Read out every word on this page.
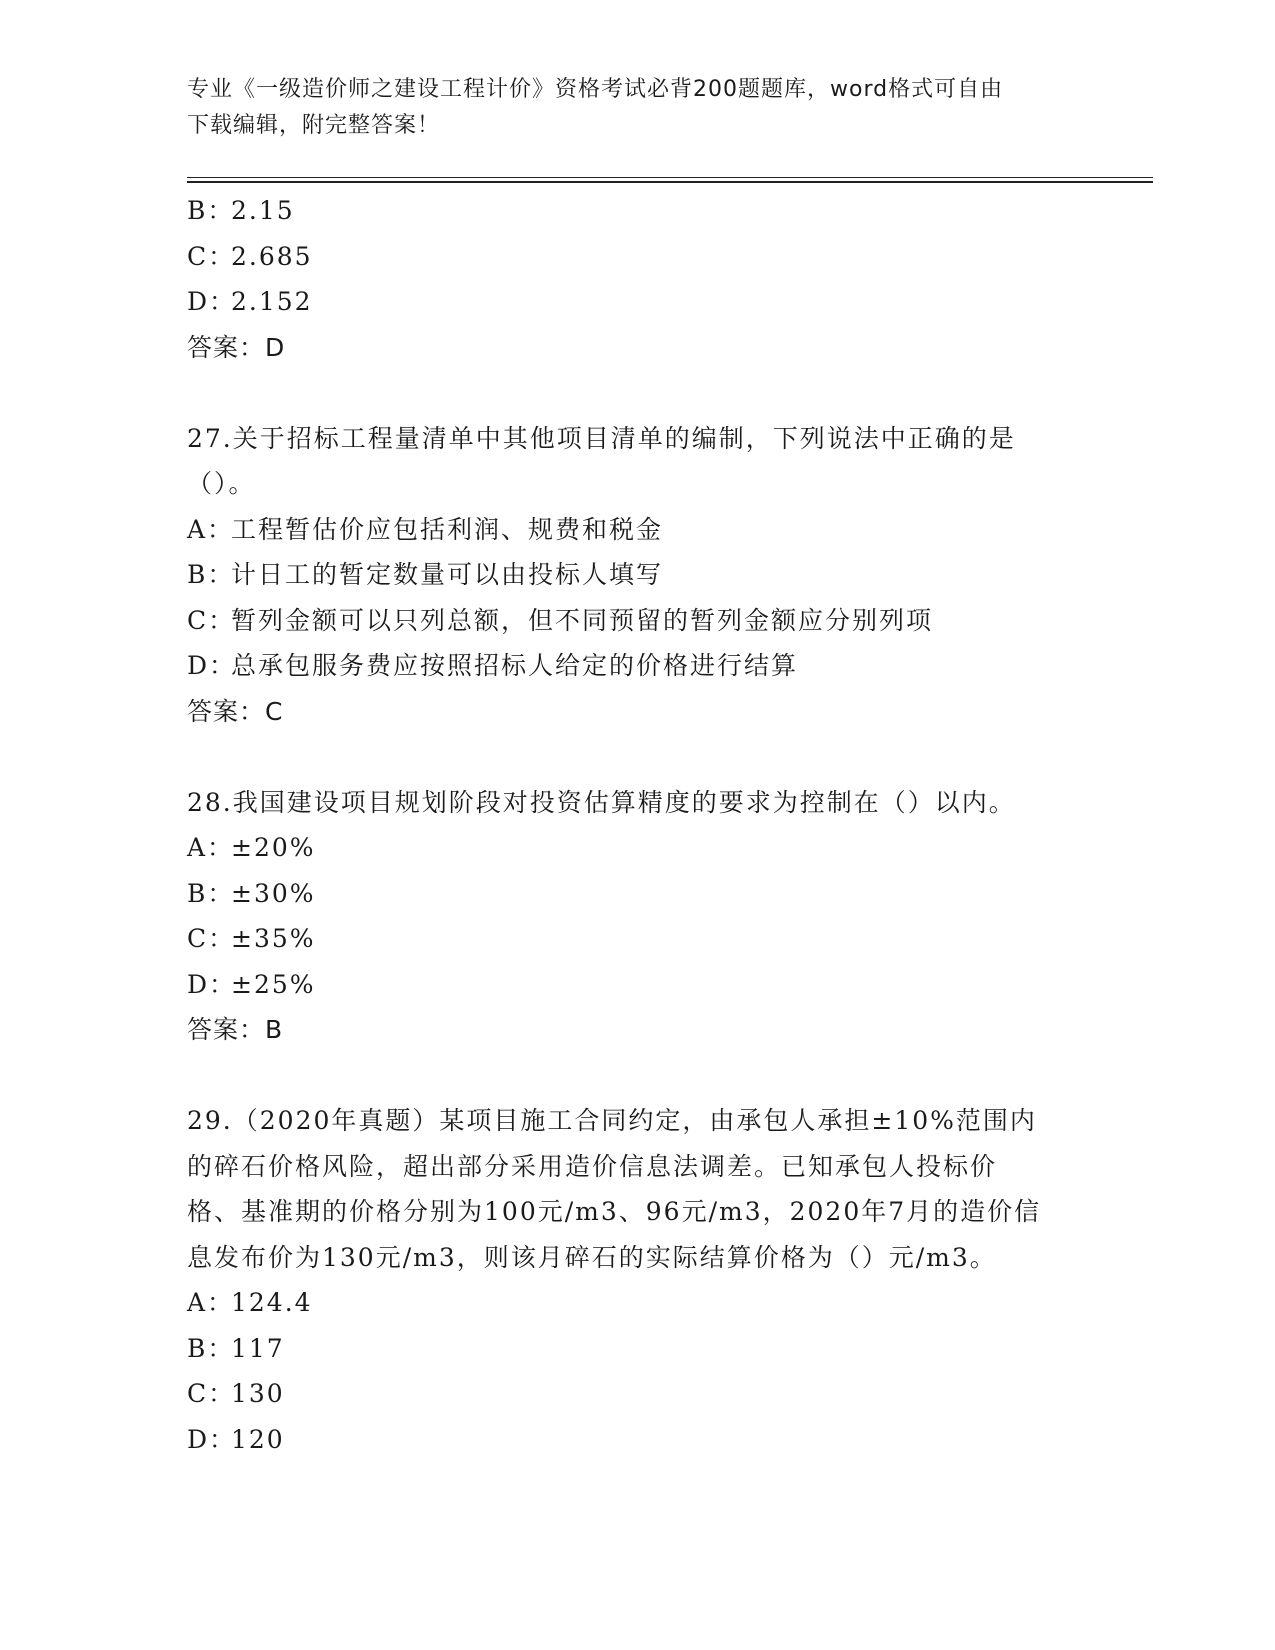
专业《一级造价师之建设工程计价》资格考试必背200题题库，word格式可自由
下载编辑，附完整答案！
B：2.15
C：2.685
D：2.152
答案：D
27.关于招标工程量清单中其他项目清单的编制，下列说法中正确的是
（）。
A：工程暂估价应包括利润、规费和税金
B：计日工的暂定数量可以由投标人填写
C：暂列金额可以只列总额，但不同预留的暂列金额应分别列项
D：总承包服务费应按照招标人给定的价格进行结算
答案：C
28.我国建设项目规划阶段对投资估算精度的要求为控制在（）以内。
A：±20%
B：±30%
C：±35%
D：±25%
答案：B
29.（2020年真题）某项目施工合同约定，由承包人承担±10%范围内
的碎石价格风险，超出部分采用造价信息法调差。已知承包人投标价
格、基准期的价格分别为100元/m3、96元/m3，2020年7月的造价信
息发布价为130元/m3，则该月碎石的实际结算价格为（）元/m3。
A：124.4
B：117
C：130
D：120
